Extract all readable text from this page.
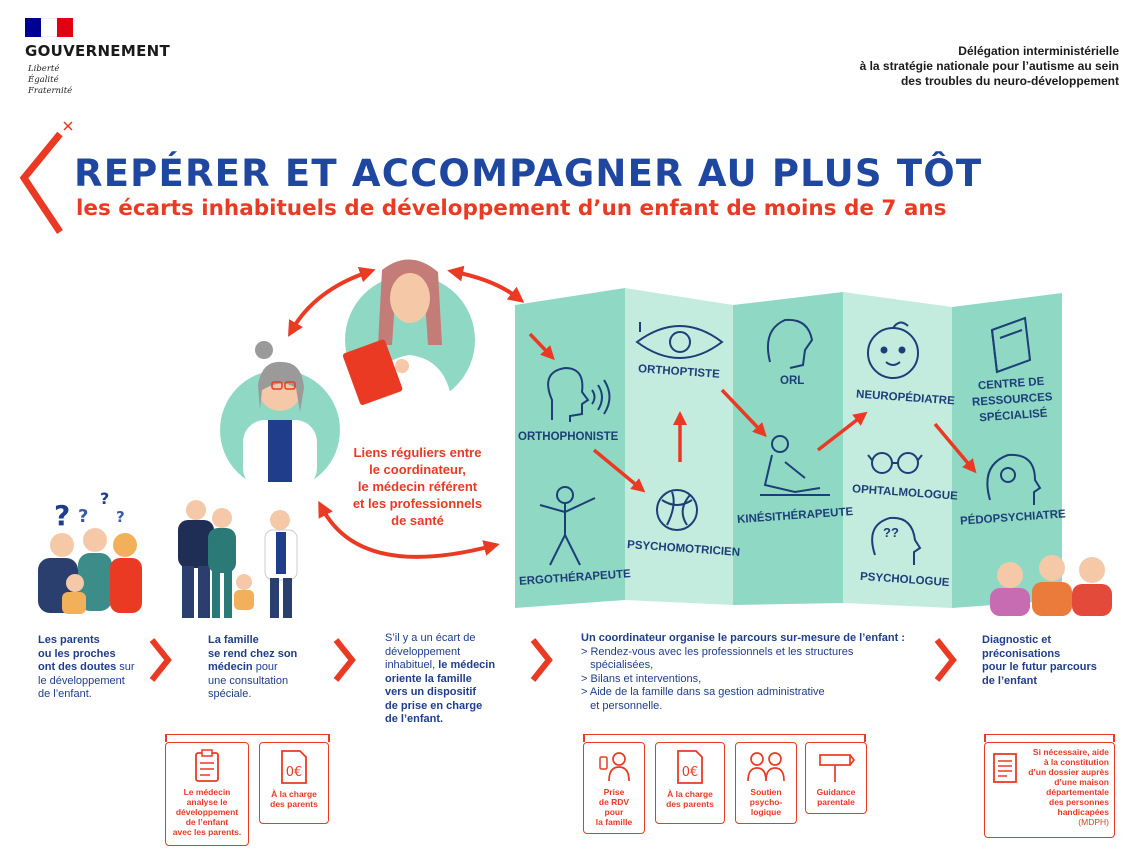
GOUVERNEMENT
Liberté
Égalité
Fraternité
Délégation interministérielle
à la stratégie nationale pour l’autisme au sein
des troubles du neuro-développement
REPÉRER ET ACCOMPAGNER AU PLUS TÔT
les écarts inhabituels de développement d’un enfant de moins de 7 ans
??
? ?
?
?
ORTHOPHONISTE
ORTHOPTISTE
ORL
NEUROPÉDIATRE
CENTRE DE
RESSOURCES
SPÉCIALISÉ
ERGOTHÉRAPEUTE
PSYCHOMOTRICIEN
KINÉSITHÉRAPEUTE
OPHTALMOLOGUE
PSYCHOLOGUE
PÉDOPSYCHIATRE
Liens réguliers entre
le coordinateur,
le médecin référent
et les professionnels
de santé
Les parents
ou les proches
ont des doutes sur
le développement
de l’enfant.
La famille
se rend chez son
médecin pour
une consultation
spéciale.
S’il y a un écart de
développement
inhabituel, le médecin
oriente la famille
vers un dispositif
de prise en charge
de l’enfant.
Un coordinateur organise le parcours sur-mesure de l’enfant :
> Rendez-vous avec les professionnels et les structures
spécialisées,
> Bilans et interventions,
> Aide de la famille dans sa gestion administrative
et personnelle.
Diagnostic et
préconisations
pour le futur parcours
de l’enfant
Le médecin
analyse le
développement
de l’enfant
avec les parents.
0€
À la charge
des parents
Prise
de RDV
pour
la famille
0€
À la charge
des parents
Soutien
psycho-
logique
Guidance
parentale
Si nécessaire, aide
à la constitution
d’un dossier auprès
d’une maison
départementale
des personnes
handicapées
(MDPH)
